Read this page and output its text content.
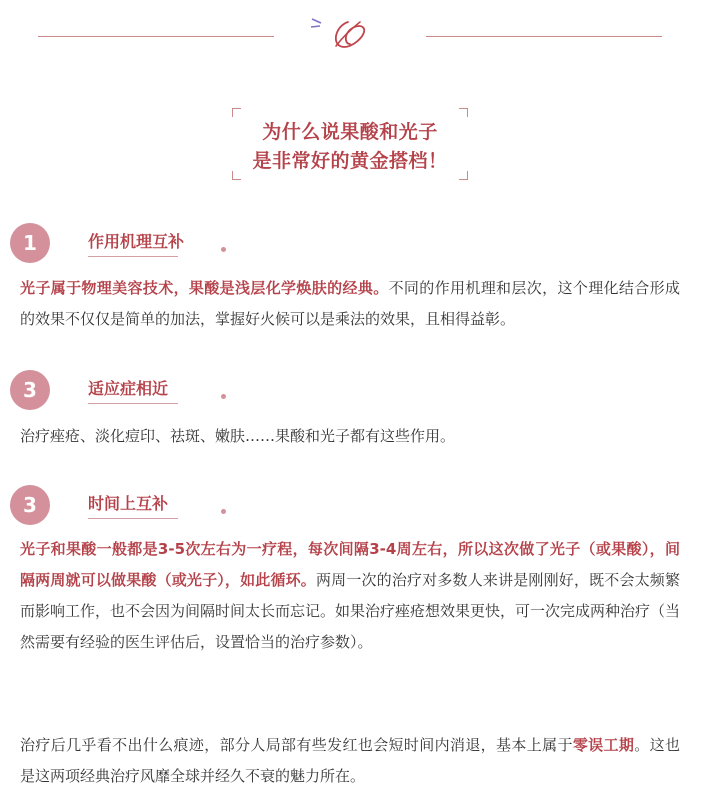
为什么说果酸和光子
是非常好的黄金搭档！
1	作用机理互补
光子属于物理美容技术，果酸是浅层化学焕肤的经典。不同的作用机理和层次，这个理化结合形成的效果不仅仅是简单的加法，掌握好火候可以是乘法的效果，且相得益彰。
3	适应症相近
治疗痤疮、淡化痘印、祛斑、嫩肤……果酸和光子都有这些作用。
3	时间上互补
光子和果酸一般都是3-5次左右为一疗程，每次间隔3-4周左右，所以这次做了光子（或果酸），间隔两周就可以做果酸（或光子），如此循环。两周一次的治疗对多数人来讲是刚刚好，既不会太频繁而影响工作，也不会因为间隔时间太长而忘记。如果治疗痤疮想效果更快，可一次完成两种治疗（当然需要有经验的医生评估后，设置恰当的治疗参数）。
治疗后几乎看不出什么痕迹，部分人局部有些发红也会短时间内消退，基本上属于零误工期。这也是这两项经典治疗风靡全球并经久不衰的魅力所在。
